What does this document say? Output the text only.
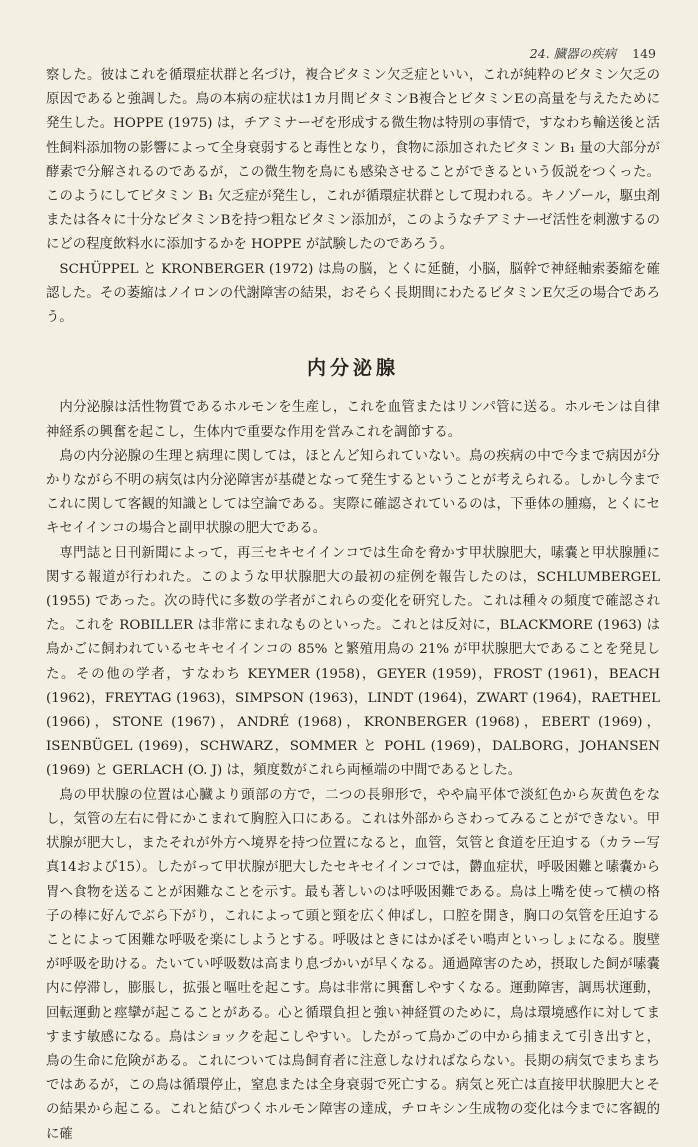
24. 臓器の疾病 149

察した。彼はこれを循環症状群と名づけ，複合ビタミン欠乏症といい，これが純粋のビタミン欠乏の原因であると強調した。鳥の本病の症状は1カ月間ビタミンB複合とビタミンEの高量を与えたために発生した。HOPPE (1975) は，チアミナーゼを形成する微生物は特別の事情で，すなわち輸送後と活性飼料添加物の影響によって全身衰弱すると毒性となり，食物に添加されたビタミン B₁ 量の大部分が酵素で分解されるのであるが，この微生物を鳥にも感染させることができるという仮説をつくった。このようにしてビタミン B₁ 欠乏症が発生し，これが循環症状群として現われる。キノゾール，駆虫剤または各々に十分なビタミンBを持つ粗なビタミン添加が，このようなチアミナーゼ活性を刺激するのにどの程度飲料水に添加するかを HOPPE が試験したのであろう。

SCHÜPPEL と KRONBERGER (1972) は鳥の脳，とくに延髄，小脳，脳幹で神経軸索萎縮を確認した。その萎縮はノイロンの代謝障害の結果，おそらく長期間にわたるビタミンE欠乏の場合であろう。

内分泌腺

内分泌腺は活性物質であるホルモンを生産し，これを血管またはリンパ管に送る。ホルモンは自律神経系の興奮を起こし，生体内で重要な作用を営みこれを調節する。

鳥の内分泌腺の生理と病理に関しては，ほとんど知られていない。鳥の疾病の中で今まで病因が分かりながら不明の病気は内分泌障害が基礎となって発生するということが考えられる。しかし今までこれに関して客観的知識としては空論である。実際に確認されているのは，下垂体の腫瘍，とくにセキセイインコの場合と副甲状腺の肥大である。

専門誌と日刊新聞によって，再三セキセイインコでは生命を脅かす甲状腺肥大，嗉嚢と甲状腺腫に関する報道が行われた。このような甲状腺肥大の最初の症例を報告したのは，SCHLUMBERGEL (1955) であった。次の時代に多数の学者がこれらの変化を研究した。これは種々の頻度で確認された。これを ROBILLER は非常にまれなものといった。これとは反対に，BLACKMORE (1963) は鳥かごに飼われているセキセイインコの 85% と繁殖用鳥の 21% が甲状腺肥大であることを発見した。その他の学者，すなわち KEYMER (1958)，GEYER (1959)，FROST (1961)，BEACH (1962)，FREYTAG (1963)，SIMPSON (1963)，LINDT (1964)，ZWART (1964)，RAETHEL (1966)，STONE (1967)，ANDRÉ (1968)，KRONBERGER (1968)，EBERT (1969)，ISENBÜGEL (1969)，SCHWARZ，SOMMER と POHL (1969)，DALBORG，JOHANSEN (1969) と GERLACH (O. J) は，頻度数がこれら両極端の中間であるとした。

鳥の甲状腺の位置は心臓より頭部の方で，二つの長卵形で，やや扁平体で淡紅色から灰黄色をなし，気管の左右に骨にかこまれて胸腔入口にある。これは外部からさわってみることができない。甲状腺が肥大し，またそれが外方へ境界を持つ位置になると，血管，気管と食道を圧迫する（カラー写真14および15）。したがって甲状腺が肥大したセキセイインコでは，欝血症状，呼吸困難と嗉嚢から胃へ食物を送ることが困難なことを示す。最も著しいのは呼吸困難である。鳥は上嘴を使って横の格子の棒に好んでぶら下がり，これによって頭と頸を広く伸ばし，口腔を開き，胸口の気管を圧迫することによって困難な呼吸を楽にしようとする。呼吸はときにはかぼそい鳴声といっしょになる。腹壁が呼吸を助ける。たいてい呼吸数は高まり息づかいが早くなる。通過障害のため，摂取した飼が嗉嚢内に停滞し，膨脹し，拡張と嘔吐を起こす。鳥は非常に興奮しやすくなる。運動障害，調馬状運動，回転運動と痙攣が起こることがある。心と循環負担と強い神経質のために，鳥は環境感作に対してますます敏感になる。鳥はショックを起こしやすい。したがって鳥かごの中から捕まえて引き出すと，鳥の生命に危険がある。これについては鳥飼育者に注意しなければならない。長期の病気でまちまちではあるが，この鳥は循環停止，窒息または全身衰弱で死亡する。病気と死亡は直接甲状腺肥大とその結果から起こる。これと結びつくホルモン障害の達成，チロキシン生成物の変化は今までに客観的に確
